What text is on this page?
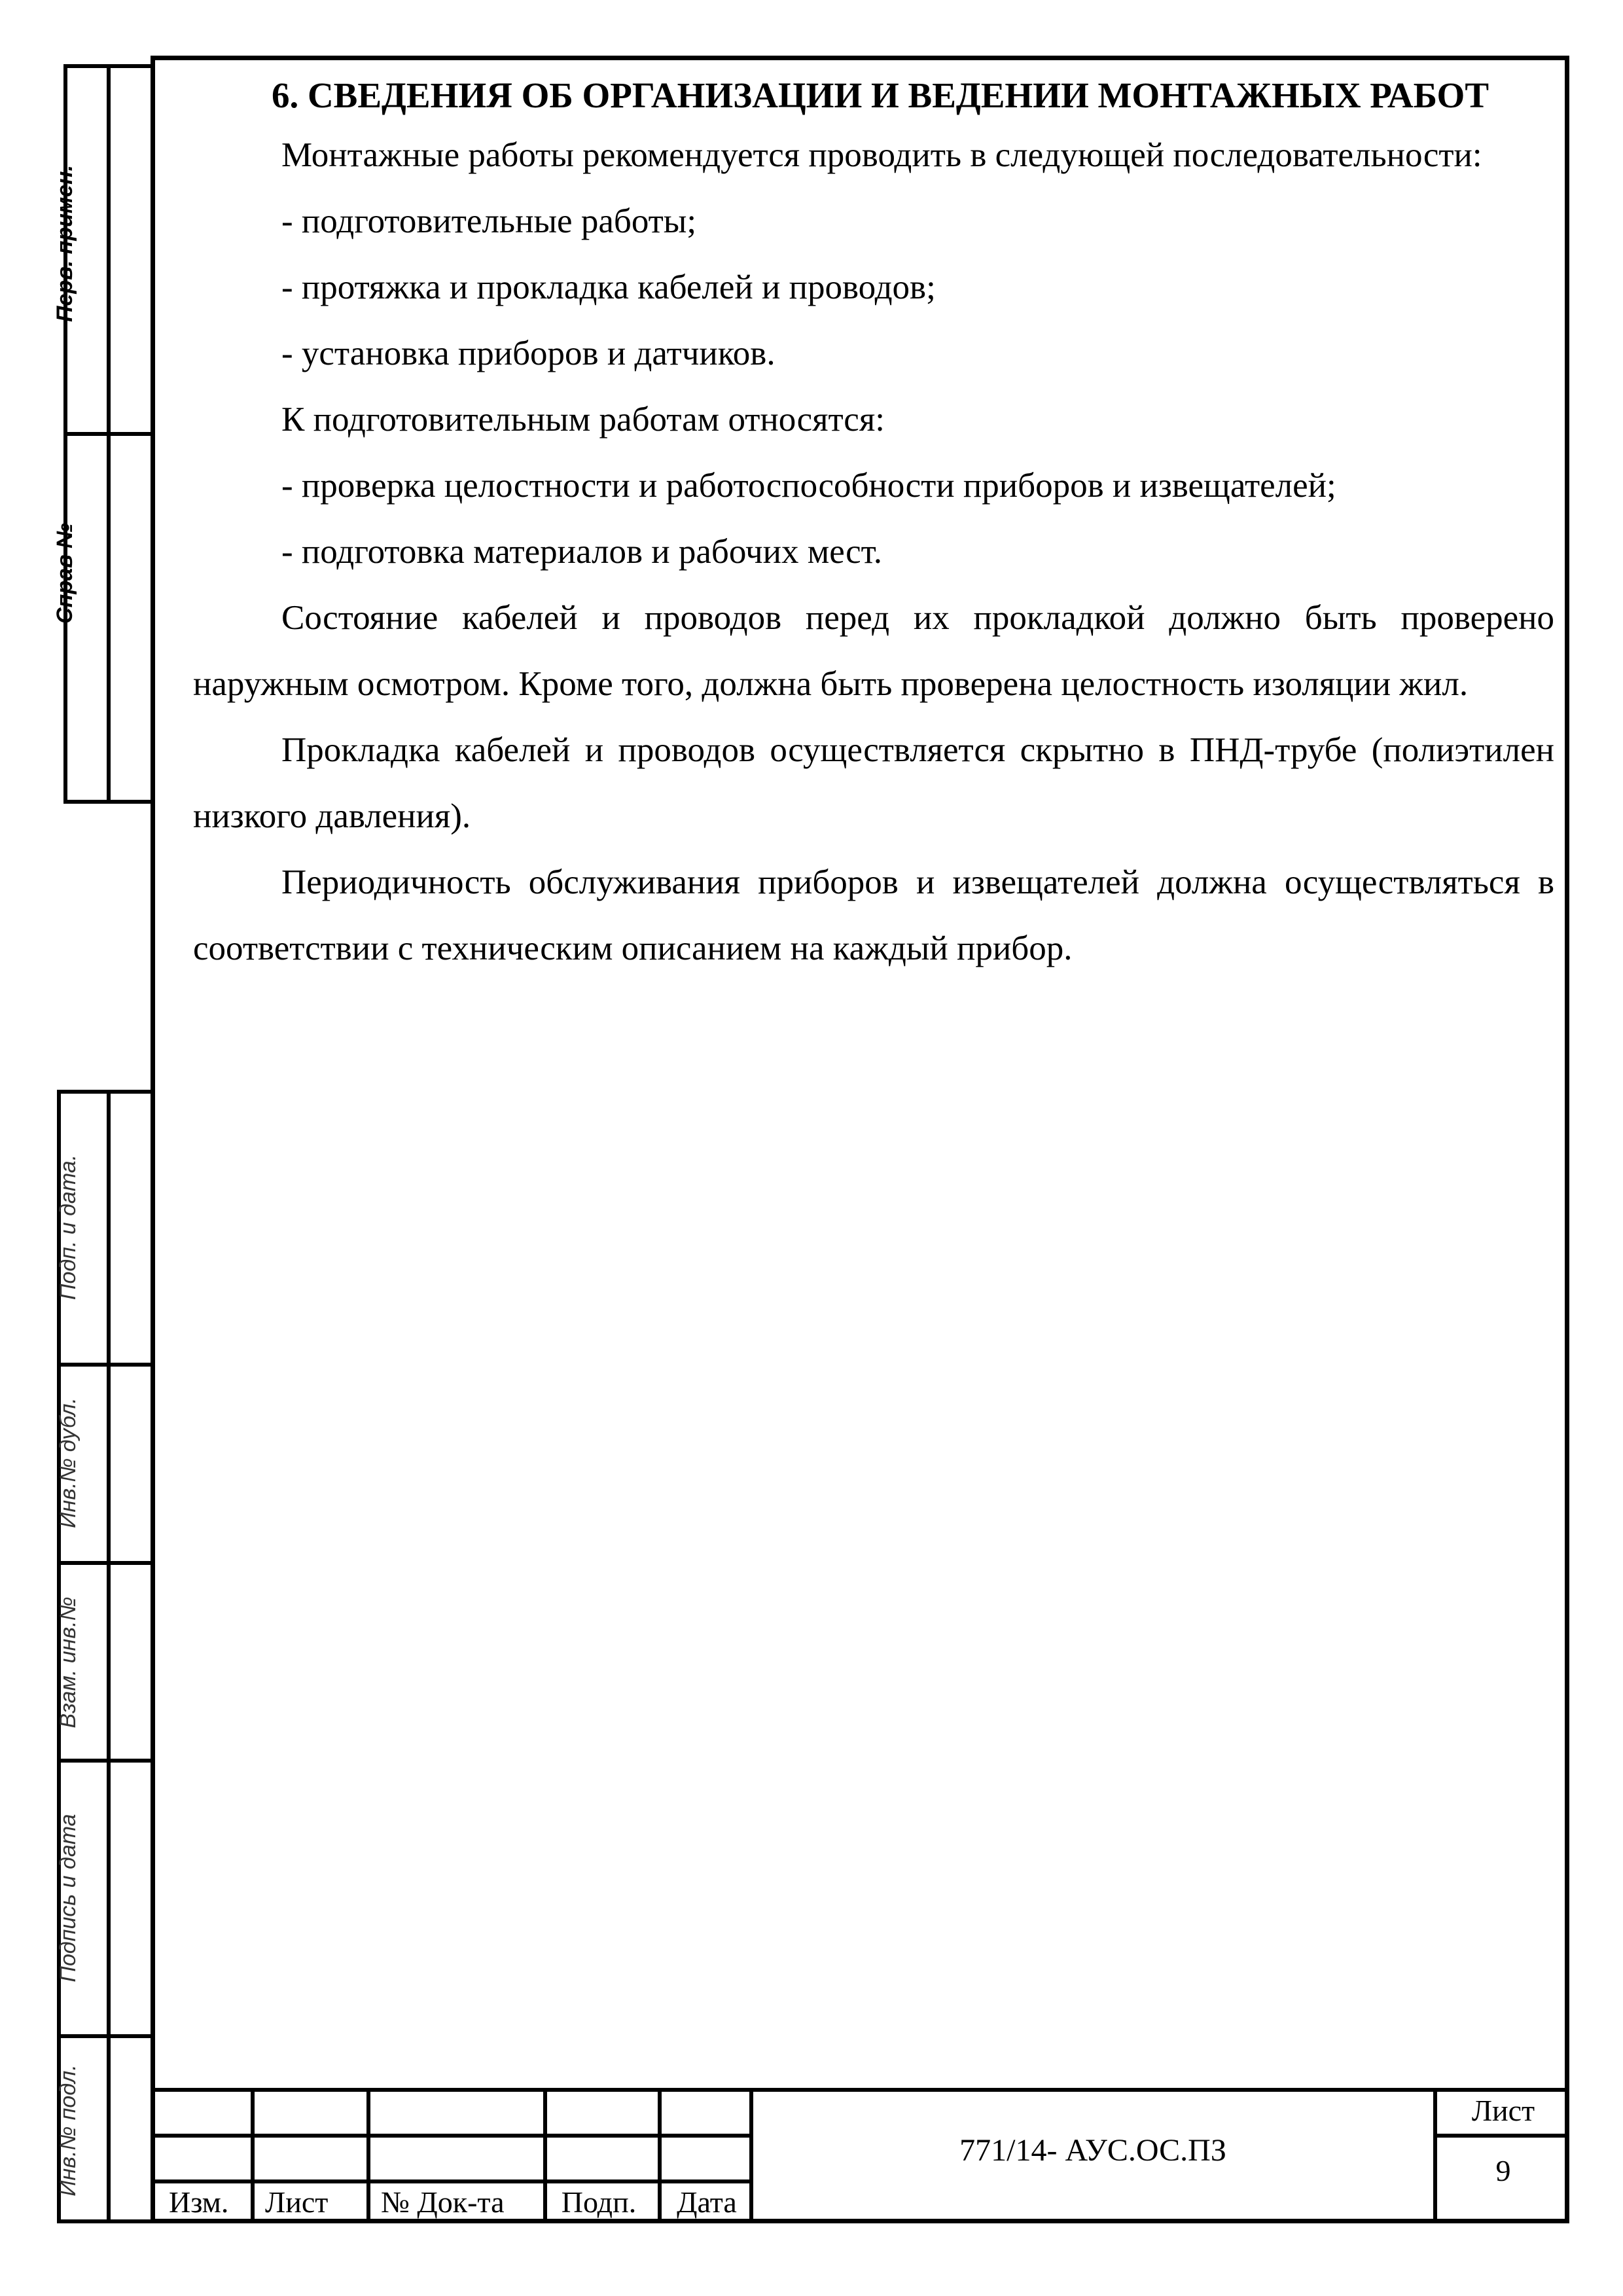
Перв. примен.
Справ №
Подп. и дата.
Инв.№ дубл.
Взам. инв.№
Подпись и дата
Инв.№ подл.
6. СВЕДЕНИЯ ОБ ОРГАНИЗАЦИИ И ВЕДЕНИИ МОНТАЖНЫХ РАБОТ

Монтажные работы рекомендуется проводить в следующей последовательности:

- подготовительные работы;

- протяжка и прокладка кабелей и проводов;

- установка приборов и датчиков.

К подготовительным работам относятся:

- проверка целостности и работоспособности приборов и извещателей;

- подготовка материалов и рабочих мест.

Состояние кабелей и проводов перед их прокладкой должно быть проверено наружным осмотром. Кроме того, должна быть проверена целостность изоляции жил.

Прокладка кабелей и проводов осуществляется скрытно в ПНД-трубе (полиэтилен низкого давления).

Периодичность обслуживания приборов и извещателей должна осуществляться в соответствии с техническим описанием на каждый прибор.

Изм. Лист № Док-та	Подп.	Дата
771/14- АУС.ОС.ПЗ
Лист
9
